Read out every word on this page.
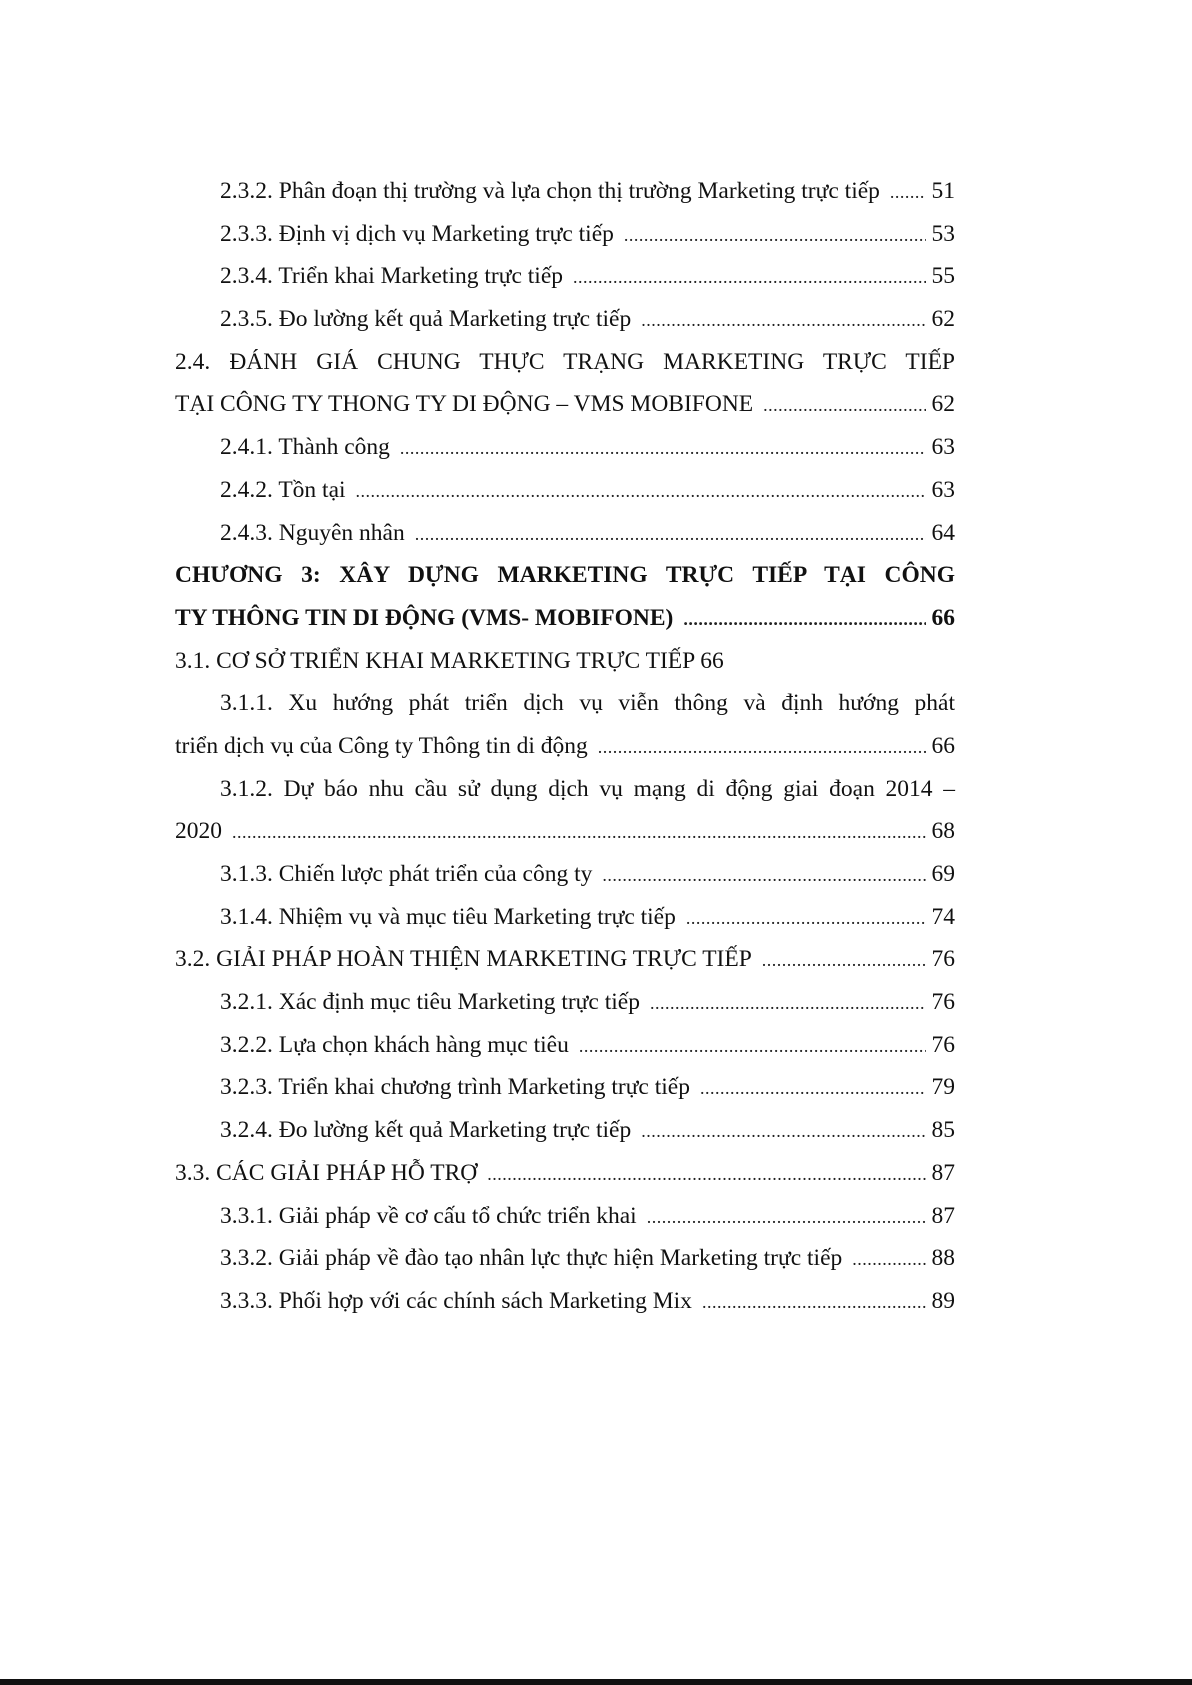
2.3.2. Phân đoạn thị trường và lựa chọn thị trường Marketing trực tiếp . . . 51
2.3.3. Định vị dịch vụ Marketing trực tiếp . . .	53
2.3.4. Triển khai Marketing trực tiếp . . .	55
2.3.5. Đo lường kết quả Marketing trực tiếp . . .	62
2.4. ĐÁNH GIÁ CHUNG THỰC TRẠNG MARKETING TRỰC TIẾP
TẠI CÔNG TY THONG TY DI ĐỘNG – VMS MOBIFONE . . .	62
2.4.1. Thành công . . .	63
2.4.2. Tồn tại . . .	63
2.4.3. Nguyên nhân . . .	64
CHƯƠNG 3: XÂY DỰNG MARKETING TRỰC TIẾP TẠI CÔNG
TY THÔNG TIN DI ĐỘNG (VMS- MOBIFONE) . . .	66
3.1. CƠ SỞ TRIỂN KHAI MARKETING TRỰC TIẾP 66
3.1.1. Xu hướng phát triển dịch vụ viễn thông và định hướng phát
triển dịch vụ của Công ty Thông tin di động . . .	66
3.1.2. Dự báo nhu cầu sử dụng dịch vụ mạng di động giai đoạn 2014 –
2020 . . .	68
3.1.3. Chiến lược phát triển của công ty . . .	69
3.1.4. Nhiệm vụ và mục tiêu Marketing trực tiếp . . .	74
3.2. GIẢI PHÁP HOÀN THIỆN MARKETING TRỰC TIẾP . . .	76
3.2.1. Xác định mục tiêu Marketing trực tiếp . . .	76
3.2.2. Lựa chọn khách hàng mục tiêu . . .	76
3.2.3. Triển khai chương trình Marketing trực tiếp . . .	79
3.2.4. Đo lường kết quả Marketing trực tiếp . . .	85
3.3. CÁC GIẢI PHÁP HỖ TRỢ . . .	87
3.3.1. Giải pháp về cơ cấu tổ chức triển khai . . .	87
3.3.2. Giải pháp về đào tạo nhân lực thực hiện Marketing trực tiếp . . .	88
3.3.3. Phối hợp với các chính sách Marketing Mix . . .	89
